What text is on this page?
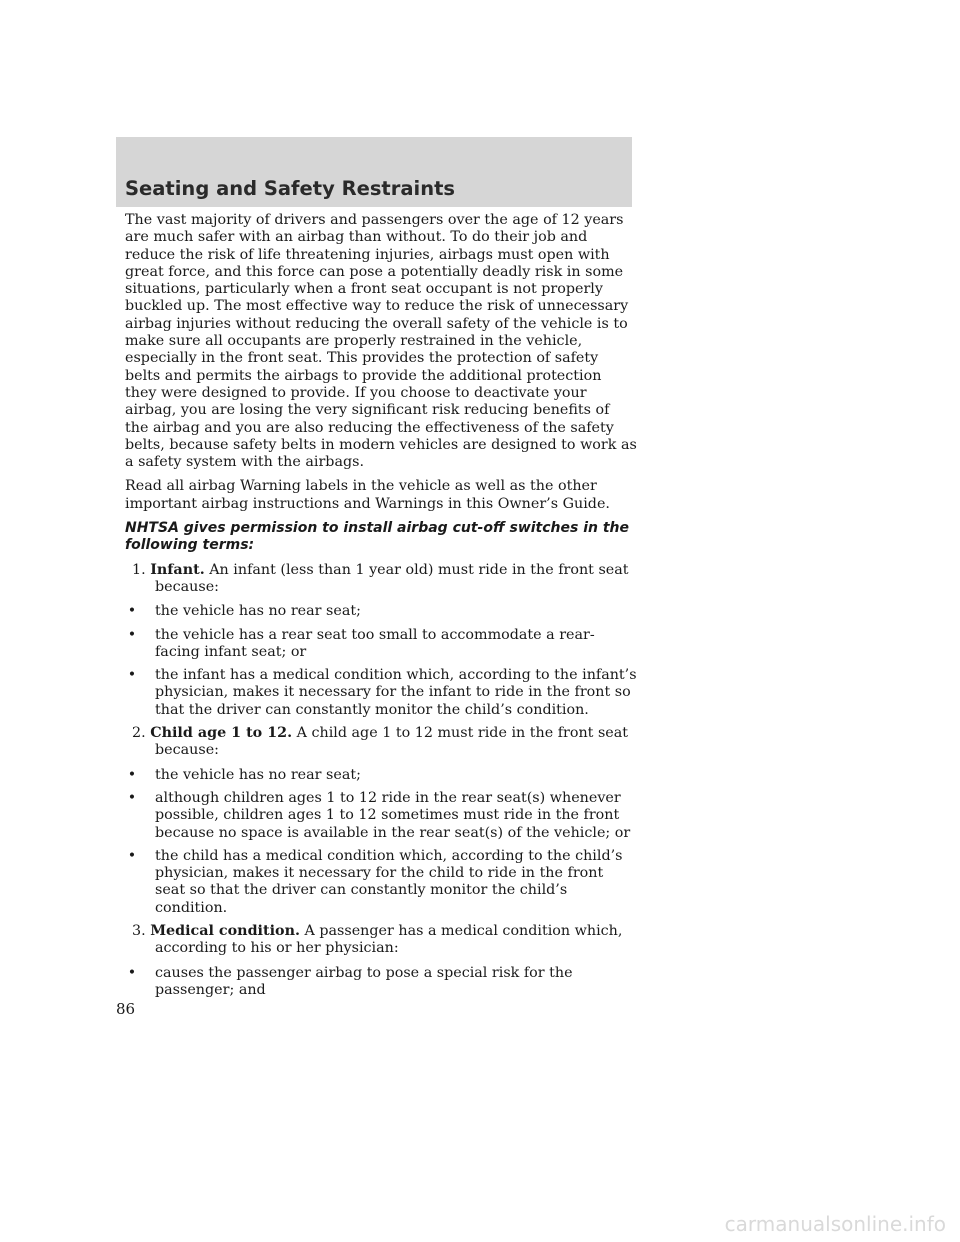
Seating and Safety Restraints

The vast majority of drivers and passengers over the age of 12 years are much safer with an airbag than without. To do their job and reduce the risk of life threatening injuries, airbags must open with great force, and this force can pose a potentially deadly risk in some situations, particularly when a front seat occupant is not properly buckled up. The most effective way to reduce the risk of unnecessary airbag injuries without reducing the overall safety of the vehicle is to make sure all occupants are properly restrained in the vehicle, especially in the front seat. This provides the protection of safety belts and permits the airbags to provide the additional protection they were designed to provide. If you choose to deactivate your airbag, you are losing the very significant risk reducing benefits of the airbag and you are also reducing the effectiveness of the safety belts, because safety belts in modern vehicles are designed to work as a safety system with the airbags.

Read all airbag Warning labels in the vehicle as well as the other important airbag instructions and Warnings in this Owner’s Guide.

NHTSA gives permission to install airbag cut-off switches in the following terms:

1. Infant. An infant (less than 1 year old) must ride in the front seat because:

• the vehicle has no rear seat;
• the vehicle has a rear seat too small to accommodate a rear-facing infant seat; or
• the infant has a medical condition which, according to the infant’s physician, makes it necessary for the infant to ride in the front so that the driver can constantly monitor the child’s condition.

2. Child age 1 to 12. A child age 1 to 12 must ride in the front seat because:

• the vehicle has no rear seat;
• although children ages 1 to 12 ride in the rear seat(s) whenever possible, children ages 1 to 12 sometimes must ride in the front because no space is available in the rear seat(s) of the vehicle; or
• the child has a medical condition which, according to the child’s physician, makes it necessary for the child to ride in the front seat so that the driver can constantly monitor the child’s condition.

3. Medical condition. A passenger has a medical condition which, according to his or her physician:

• causes the passenger airbag to pose a special risk for the passenger; and
86
carmanualsonline.info
